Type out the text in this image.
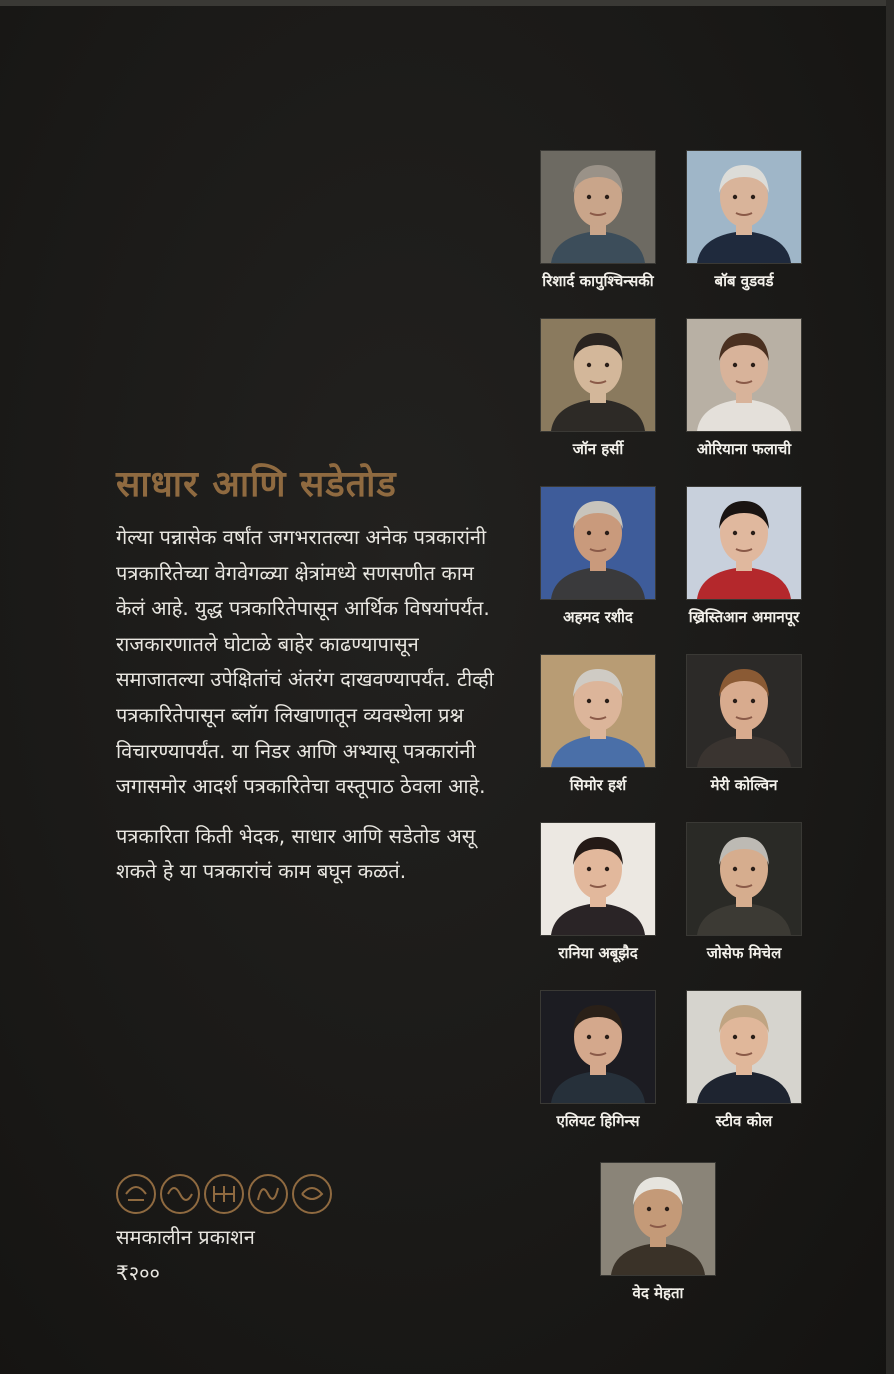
साधार आणि सडेतोड

गेल्या पन्नासेक वर्षांत जगभरातल्या अनेक पत्रकारांनी पत्रकारितेच्या वेगवेगळ्या क्षेत्रांमध्ये सणसणीत काम केलं आहे. युद्ध पत्रकारितेपासून आर्थिक विषयांपर्यंत. राजकारणातले घोटाळे बाहेर काढण्यापासून समाजातल्या उपेक्षितांचं अंतरंग दाखवण्यापर्यंत. टीव्ही पत्रकारितेपासून ब्लॉग लिखाणातून व्यवस्थेला प्रश्न विचारण्यापर्यंत. या निडर आणि अभ्यासू पत्रकारांनी जगासमोर आदर्श पत्रकारितेचा वस्तूपाठ ठेवला आहे.

पत्रकारिता किती भेदक, साधार आणि सडेतोड असू शकते हे या पत्रकारांचं काम बघून कळतं.

समकालीन प्रकाशन
₹२००
रिशार्द कापुश्चिन्सकी	बॉब वुडवर्ड
जॉन हर्सी	ओरियाना फलाची
अहमद रशीद	ख्रिस्तिआन अमानपूर
सिमोर हर्श	मेरी कोल्विन
रानिया अबूझैद	जोसेफ मिचेल
एलियट हिगिन्स	स्टीव कोल
वेद मेहता
